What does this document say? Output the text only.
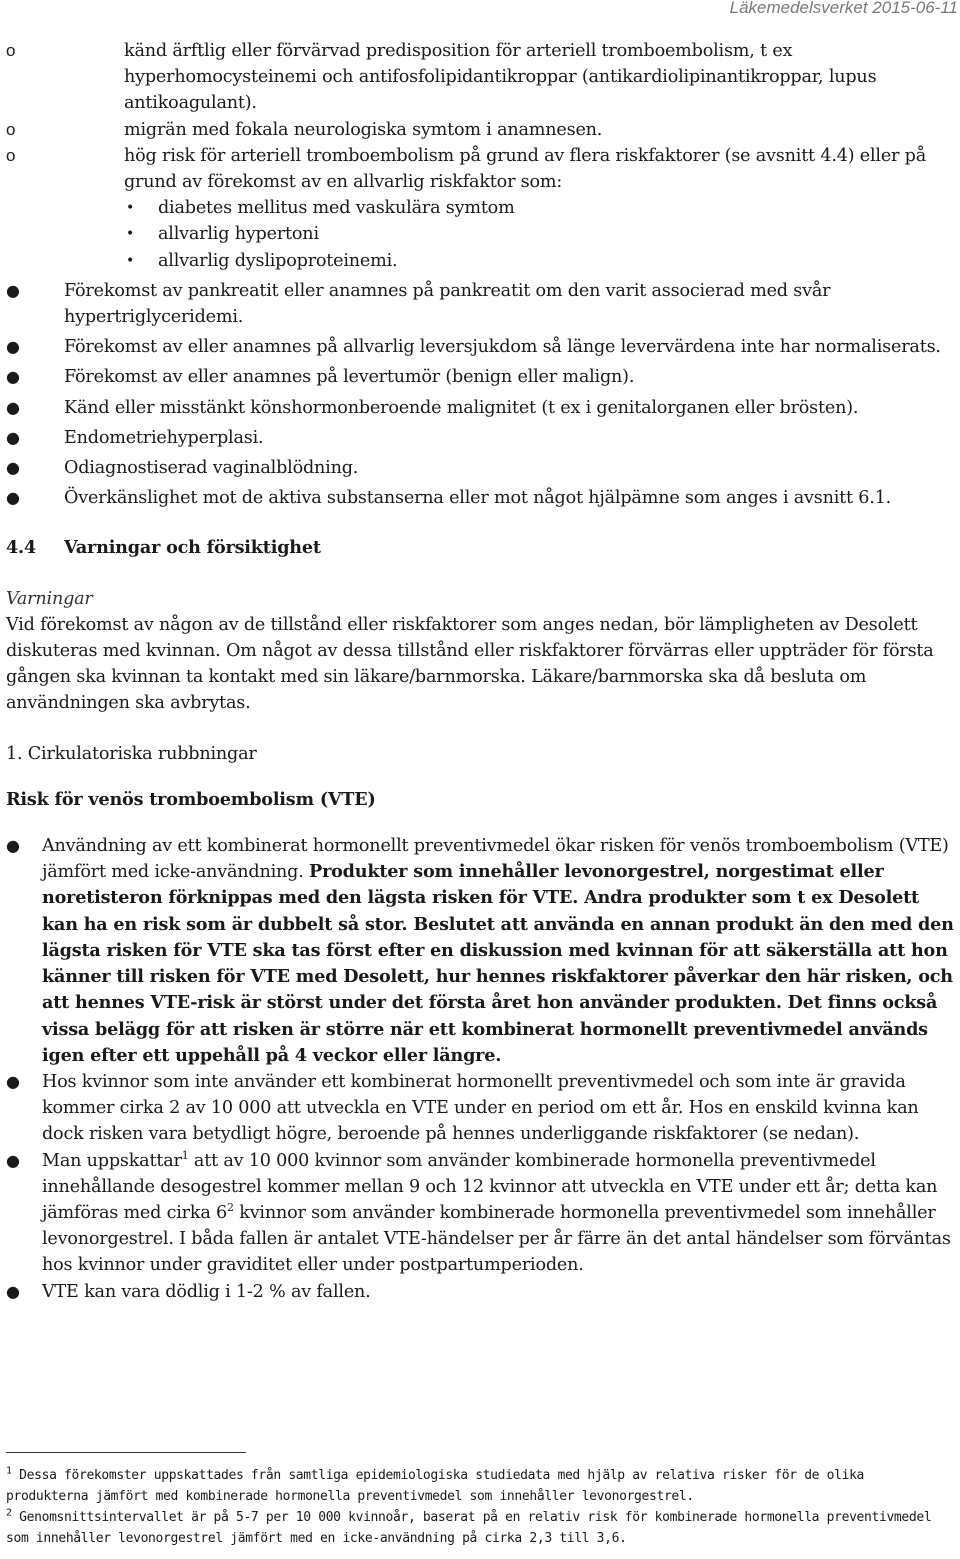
Läkemedelsverket 2015-06-11
o	känd ärftlig eller förvärvad predisposition för arteriell tromboembolism, t ex hyperhomocysteinemi och antifosfolipidantikroppar (antikardiolipinantikroppar, lupus antikoagulant).
o	migrän med fokala neurologiska symtom i anamnesen.
o	hög risk för arteriell tromboembolism på grund av flera riskfaktorer (se avsnitt 4.4) eller på grund av förekomst av en allvarlig riskfaktor som:
• diabetes mellitus med vaskulära symtom
• allvarlig hypertoni
• allvarlig dyslipoproteinemi.
●	Förekomst av pankreatit eller anamnes på pankreatit om den varit associerad med svår hypertriglyceridemi.
●	Förekomst av eller anamnes på allvarlig leversjukdom så länge levervärdena inte har normaliserats.
●	Förekomst av eller anamnes på levertumör (benign eller malign).
●	Känd eller misstänkt könshormonberoende malignitet (t ex i genitalorganen eller brösten).
●	Endometriehyperplasi.
●	Odiagnostiserad vaginalblödning.
●	Överkänslighet mot de aktiva substanserna eller mot något hjälpämne som anges i avsnitt 6.1.
4.4 Varningar och försiktighet
Varningar
Vid förekomst av någon av de tillstånd eller riskfaktorer som anges nedan, bör lämpligheten av Desolett diskuteras med kvinnan. Om något av dessa tillstånd eller riskfaktorer förvärras eller uppträder för första gången ska kvinnan ta kontakt med sin läkare/barnmorska. Läkare/barnmorska ska då besluta om användningen ska avbrytas.
1. Cirkulatoriska rubbningar
Risk för venös tromboembolism (VTE)
● Användning av ett kombinerat hormonellt preventivmedel ökar risken för venös tromboembolism (VTE) jämfört med icke-användning. Produkter som innehåller levonorgestrel, norgestimat eller noretisteron förknippas med den lägsta risken för VTE. Andra produkter som t ex Desolett kan ha en risk som är dubbelt så stor. Beslutet att använda en annan produkt än den med den lägsta risken för VTE ska tas först efter en diskussion med kvinnan för att säkerställa att hon känner till risken för VTE med Desolett, hur hennes riskfaktorer påverkar den här risken, och att hennes VTE-risk är störst under det första året hon använder produkten. Det finns också vissa belägg för att risken är större när ett kombinerat hormonellt preventivmedel används igen efter ett uppehåll på 4 veckor eller längre.
● Hos kvinnor som inte använder ett kombinerat hormonellt preventivmedel och som inte är gravida kommer cirka 2 av 10 000 att utveckla en VTE under en period om ett år. Hos en enskild kvinna kan dock risken vara betydligt högre, beroende på hennes underliggande riskfaktorer (se nedan).
● Man uppskattar$^1$ att av 10 000 kvinnor som använder kombinerade hormonella preventivmedel innehållande desogestrel kommer mellan 9 och 12 kvinnor att utveckla en VTE under ett år; detta kan jämföras med cirka $6^2$ kvinnor som använder kombinerade hormonella preventivmedel som innehåller levonorgestrel. I båda fallen är antalet VTE-händelser per år färre än det antal händelser som förväntas hos kvinnor under graviditet eller under postpartumperioden.
● VTE kan vara dödlig i 1-2 % av fallen.
$^1$ Dessa förekomster uppskattades från samtliga epidemiologiska studiedata med hjälp av relativa risker för de olika produkterna jämfört med kombinerade hormonella preventivmedel som innehåller levonorgestrel.
$^2$ Genomsnittsintervallet är på 5-7 per 10 000 kvinnoår, baserat på en relativ risk för kombinerade hormonella preventivmedel som innehåller levonorgestrel jämfört med en icke-användning på cirka 2,3 till 3,6.
